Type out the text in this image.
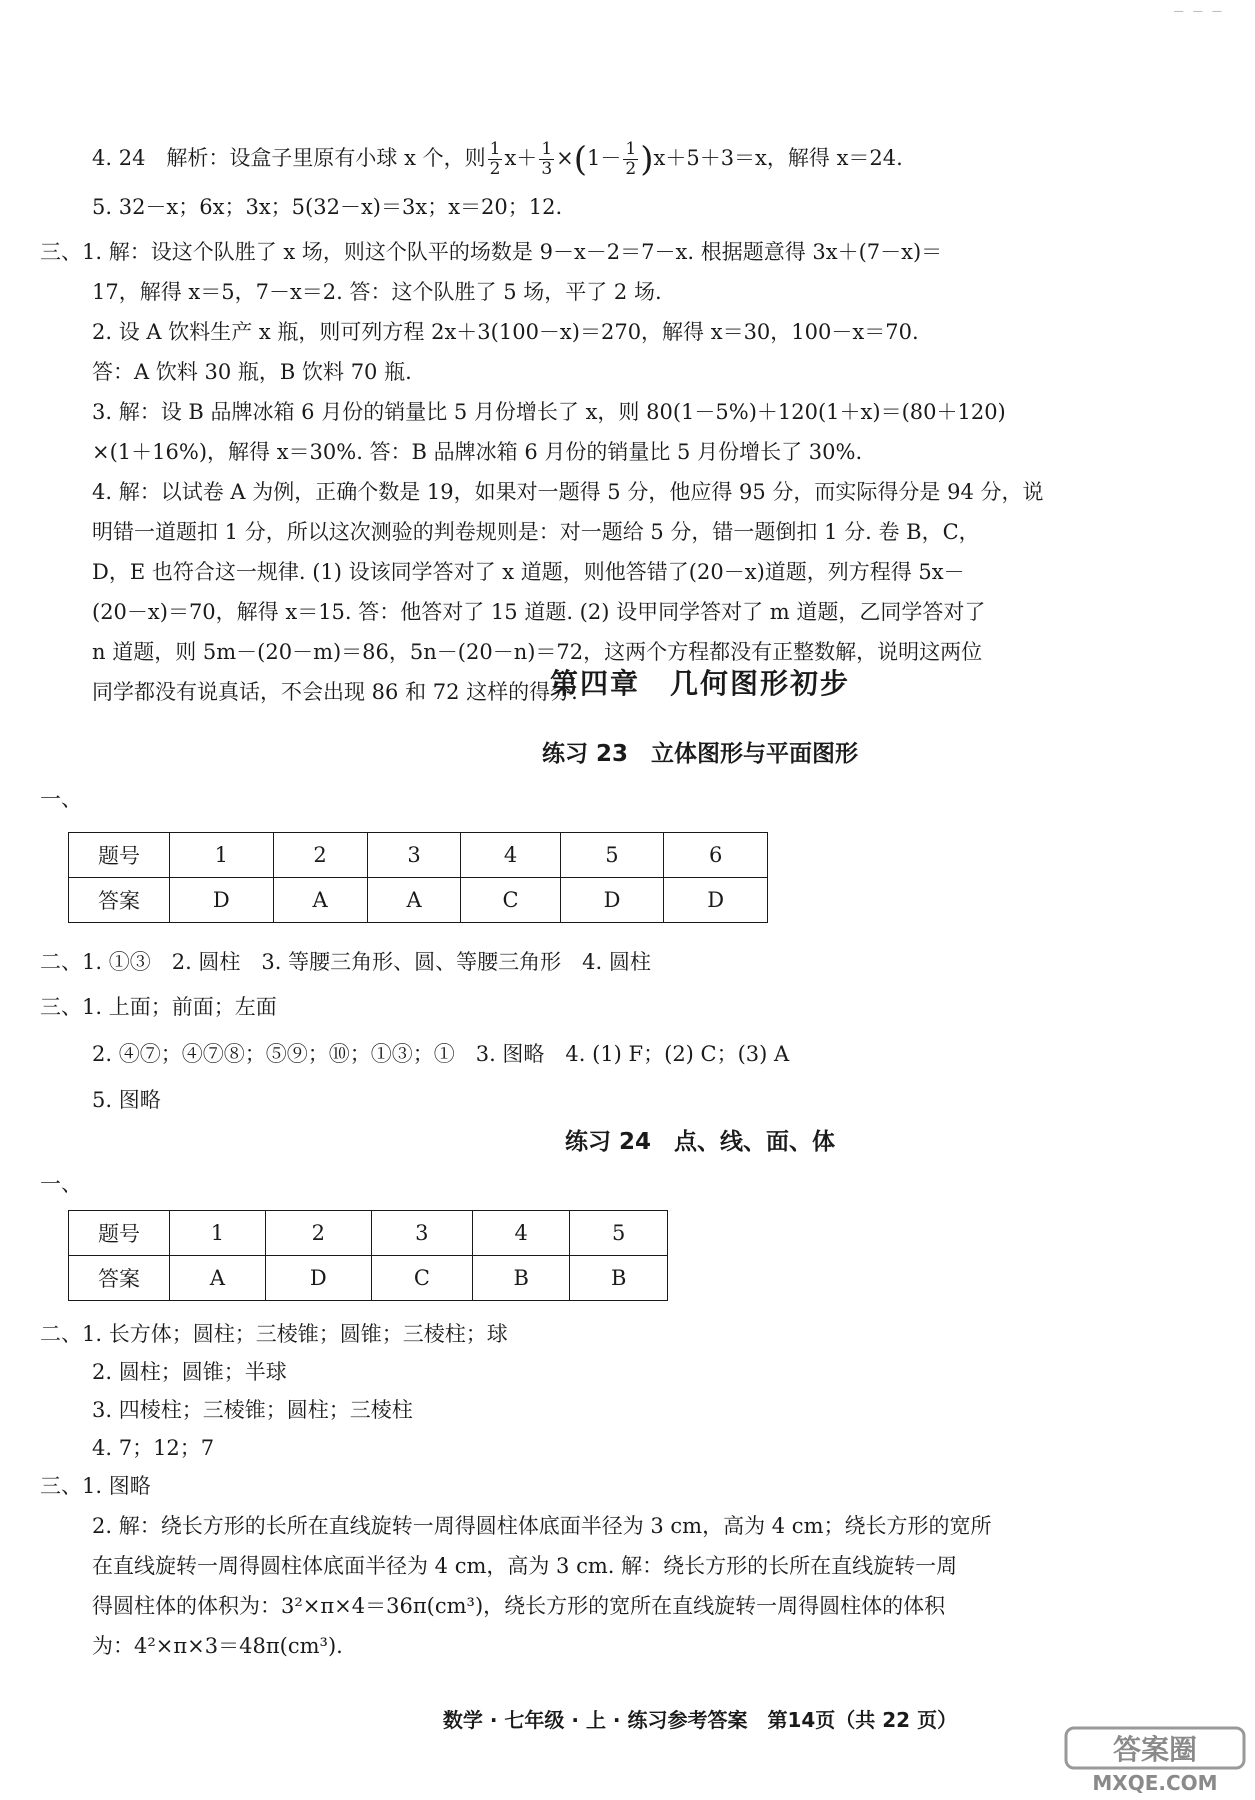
— — —
4. 24　解析：设盒子里原有小球 x 个，则 $\frac{1}{2} x+ \frac{1}{3} \times(1- \frac{1}{2} )x+5+3=x$，解得 x＝24.
5. 32－x；6x；3x；5(32－x)＝3x；x＝20；12.
三、1. 解：设这个队胜了 x 场，则这个队平的场数是 9－x－2＝7－x. 根据题意得 3x＋(7－x)＝
17，解得 x＝5，7－x＝2. 答：这个队胜了 5 场，平了 2 场.
2. 设 A 饮料生产 x 瓶，则可列方程 2x＋3(100－x)＝270，解得 x＝30，100－x＝70.
答：A 饮料 30 瓶，B 饮料 70 瓶.
3. 解：设 B 品牌冰箱 6 月份的销量比 5 月份增长了 x，则 80(1－5%)＋120(1＋x)＝(80＋120)
×(1＋16%)，解得 x＝30%. 答：B 品牌冰箱 6 月份的销量比 5 月份增长了 30%.
4. 解：以试卷 A 为例，正确个数是 19，如果对一题得 5 分，他应得 95 分，而实际得分是 94 分，说
明错一道题扣 1 分，所以这次测验的判卷规则是：对一题给 5 分，错一题倒扣 1 分. 卷 B，C，
D，E 也符合这一规律. (1) 设该同学答对了 x 道题，则他答错了(20－x)道题，列方程得 5x－
(20－x)＝70，解得 x＝15. 答：他答对了 15 道题. (2) 设甲同学答对了 m 道题，乙同学答对了
n 道题，则 5m－(20－m)＝86，5n－(20－n)＝72，这两个方程都没有正整数解，说明这两位
同学都没有说真话，不会出现 86 和 72 这样的得分.
第四章　几何图形初步
练习 23　立体图形与平面图形
一、
题号	1	2	3	4	5	6
答案	D	A	A	C	D	D
二、1. ①③　2. 圆柱　3. 等腰三角形、圆、等腰三角形　4. 圆柱
三、1. 上面；前面；左面
2. ④⑦；④⑦⑧；⑤⑨；⑩；①③；①　3. 图略　4. (1) F；(2) C；(3) A
5. 图略
练习 24　点、线、面、体
一、
题号	1	2	3	4	5
答案	A	D	C	B	B
二、1. 长方体；圆柱；三棱锥；圆锥；三棱柱；球
2. 圆柱；圆锥；半球
3. 四棱柱；三棱锥；圆柱；三棱柱
4. 7；12；7
三、1. 图略
2. 解：绕长方形的长所在直线旋转一周得圆柱体底面半径为 3 cm，高为 4 cm；绕长方形的宽所
在直线旋转一周得圆柱体底面半径为 4 cm，高为 3 cm. 解：绕长方形的长所在直线旋转一周
得圆柱体的体积为：3²×π×4＝36π(cm³)，绕长方形的宽所在直线旋转一周得圆柱体的体积
为：4²×π×3＝48π(cm³).
数学 · 七年级 · 上 · 练习参考答案　第14页（共 22 页）
答案圈
MXQE.COM
